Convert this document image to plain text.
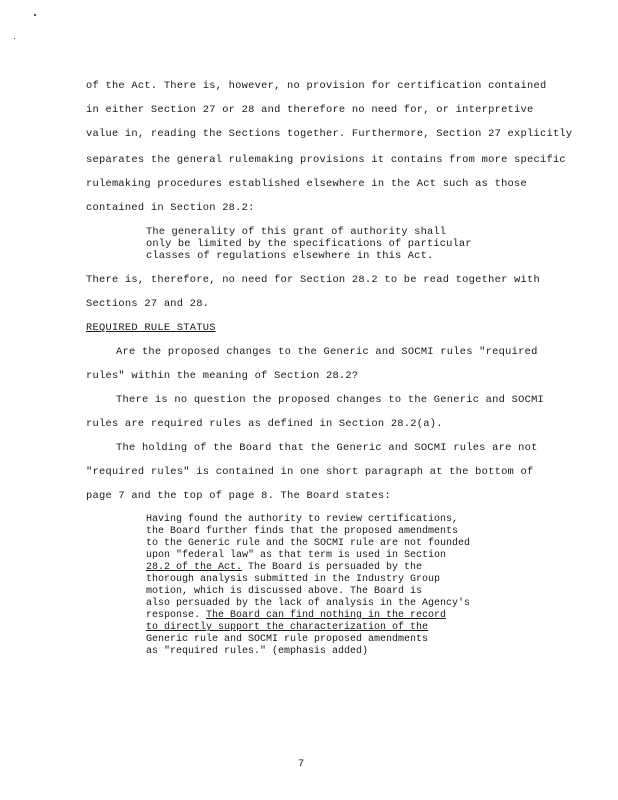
of the Act. There is, however, no provision for certification contained
in either Section 27 or 28 and therefore no need for, or interpretive
value in, reading the Sections together. Furthermore, Section 27 explicitly
separates the general rulemaking provisions it contains from more specific
rulemaking procedures established elsewhere in the Act such as those
contained in Section 28.2:
The generality of this grant of authority shall
only be limited by the specifications of particular
classes of regulations elsewhere in this Act.
There is, therefore, no need for Section 28.2 to be read together with
Sections 27 and 28.
REQUIRED RULE STATUS
Are the proposed changes to the Generic and SOCMI rules "required
rules" within the meaning of Section 28.2?
There is no question the proposed changes to the Generic and SOCMI
rules are required rules as defined in Section 28.2(a).
The holding of the Board that the Generic and SOCMI rules are not
"required rules" is contained in one short paragraph at the bottom of
page 7 and the top of page 8. The Board states:
Having found the authority to review certifications,
the Board further finds that the proposed amendments
to the Generic rule and the SOCMI rule are not founded
upon "federal law" as that term is used in Section
28.2 of the Act. The Board is persuaded by the
thorough analysis submitted in the Industry Group
motion, which is discussed above. The Board is
also persuaded by the lack of analysis in the Agency's
response. The Board can find nothing in the record
to directly support the characterization of the
Generic rule and SOCMI rule proposed amendments
as "required rules." (emphasis added)
7
